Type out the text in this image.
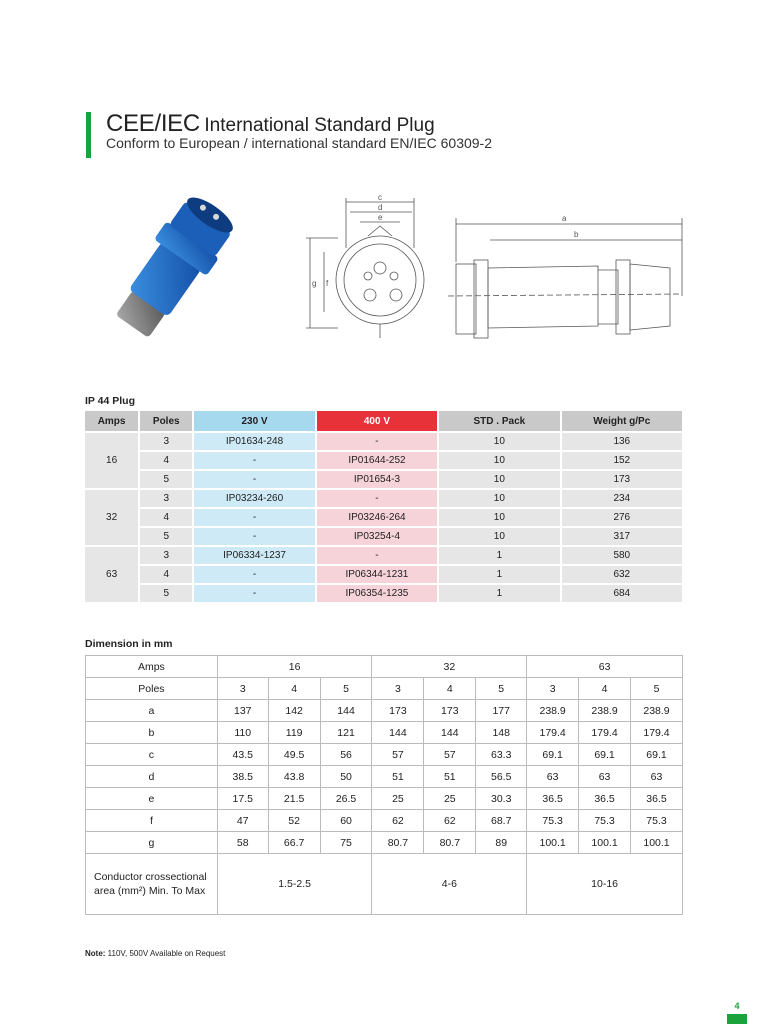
CEE/IEC International Standard Plug
Conform to European / international standard EN/IEC 60309-2
c
d
e
g f
a
b
IP 44 Plug
Amps	Poles	230 V	400 V	STD . Pack	Weight g/Pc
16	3	IP01634-248	-	10	136
	4	-	IP01644-252	10	152
	5	-	IP01654-3	10	173
32	3	IP03234-260	-	10	234
	4	-	IP03246-264	10	276
	5	-	IP03254-4	10	317
63	3	IP06334-1237	-	1	580
	4	-	IP06344-1231	1	632
	5	-	IP06354-1235	1	684
Dimension in mm
Amps	16			32			63		
Poles	3	4	5	3	4	5	3	4	5
a	137	142	144	173	173	177	238.9	238.9	238.9
b	110	119	121	144	144	148	179.4	179.4	179.4
c	43.5	49.5	56	57	57	63.3	69.1	69.1	69.1
d	38.5	43.8	50	51	51	56.5	63	63	63
e	17.5	21.5	26.5	25	25	30.3	36.5	36.5	36.5
f	47	52	60	62	62	68.7	75.3	75.3	75.3
g	58	66.7	75	80.7	80.7	89	100.1	100.1	100.1
Conductor crossectional
area (mm²) Min. To Max	1.5-2.5			4-6			10-16		
Note: 110V, 500V Available on Request
4
